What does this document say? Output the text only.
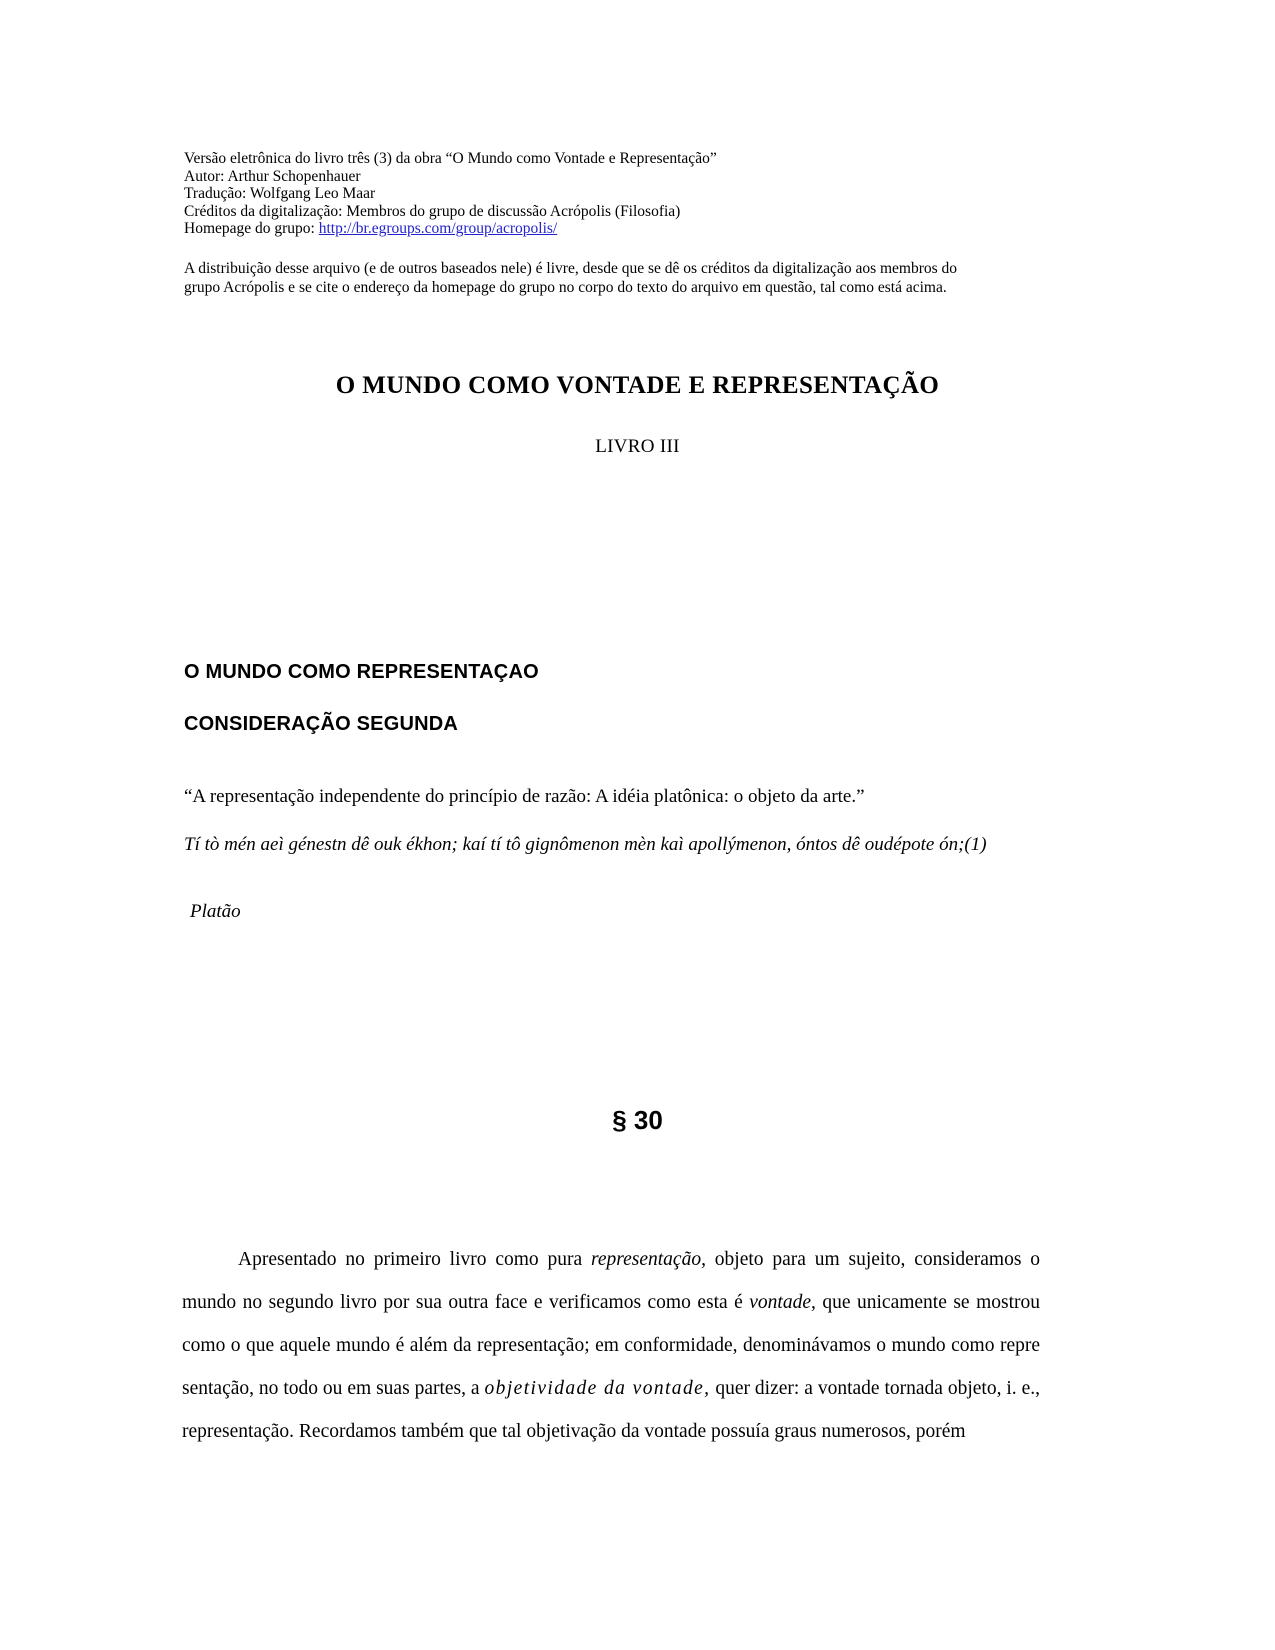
Versão eletrônica do livro três (3) da obra “O Mundo como Vontade e Representação”
Autor: Arthur Schopenhauer
Tradução: Wolfgang Leo Maar
Créditos da digitalização: Membros do grupo de discussão Acrópolis (Filosofia)
Homepage do grupo: http://br.egroups.com/group/acropolis/
A distribuição desse arquivo (e de outros baseados nele) é livre, desde que se dê os créditos da digitalização aos membros do grupo Acrópolis e se cite o endereço da homepage do grupo no corpo do texto do arquivo em questão, tal como está acima.
O MUNDO COMO VONTADE E REPRESENTAÇÃO
LIVRO III
O MUNDO COMO REPRESENTAÇAO
CONSIDERAÇÃO SEGUNDA
“A representação independente do princípio de razão: A idéia platônica: o objeto da arte.”
Tí tò mén aeì génestn dê ouk ékhon; kaí tí tô gignômenon mèn kaì apollýmenon, óntos dê oudépote ón;(1)
Platão
§ 30

Apresentado no primeiro livro como pura representação, objeto para um sujeito, consideramos o mundo no segundo livro por sua outra face e verificamos como esta é vontade, que unicamente se mostrou como o que aquele mundo é além da representação; em conformidade, denominávamos o mundo como repre sentação, no todo ou em suas partes, a objetividade da vontade, quer dizer: a vontade tornada objeto, i. e., representação. Recordamos também que tal objetivação da vontade possuía graus numerosos, porém
